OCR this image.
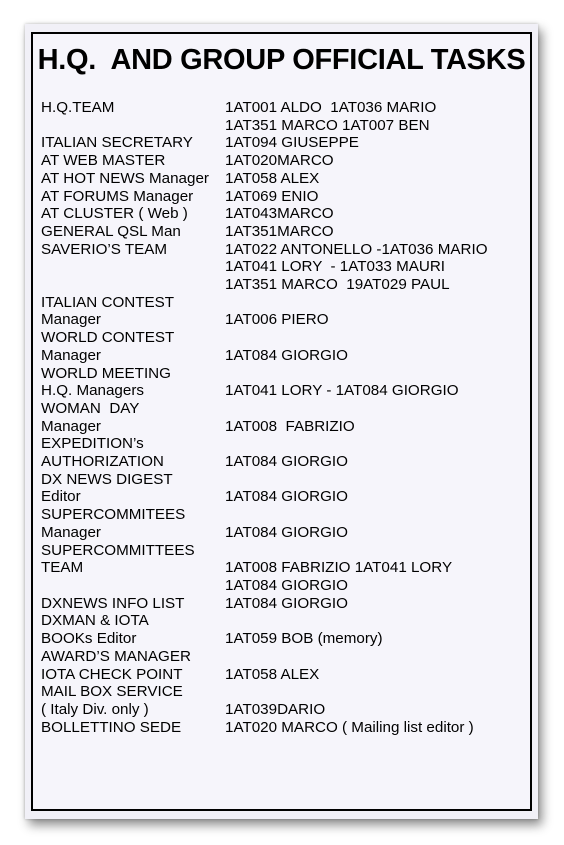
H.Q.  AND GROUP OFFICIAL TASKS
H.Q.TEAM	1AT001 ALDO  1AT036 MARIO
1AT351 MARCO 1AT007 BEN
ITALIAN SECRETARY	1AT094 GIUSEPPE
AT WEB MASTER	1AT020MARCO
AT HOT NEWS Manager	1AT058 ALEX
AT FORUMS Manager	1AT069 ENIO
AT CLUSTER ( Web )	1AT043MARCO
GENERAL QSL Man	1AT351MARCO
SAVERIO’S TEAM	1AT022 ANTONELLO -1AT036 MARIO
1AT041 LORY  - 1AT033 MAURI
1AT351 MARCO  19AT029 PAUL
ITALIAN CONTEST
Manager	1AT006 PIERO
WORLD CONTEST
Manager	1AT084 GIORGIO
WORLD MEETING
H.Q. Managers	1AT041 LORY - 1AT084 GIORGIO
WOMAN  DAY
Manager	1AT008  FABRIZIO
EXPEDITION’s
AUTHORIZATION	1AT084 GIORGIO
DX NEWS DIGEST
Editor	1AT084 GIORGIO
SUPERCOMMITEES
Manager	1AT084 GIORGIO
SUPERCOMMITTEES
TEAM	1AT008 FABRIZIO 1AT041 LORY
1AT084 GIORGIO
DXNEWS INFO LIST	1AT084 GIORGIO
DXMAN & IOTA
BOOKs Editor	1AT059 BOB (memory)
AWARD’S MANAGER
IOTA CHECK POINT	1AT058 ALEX
MAIL BOX SERVICE
( Italy Div. only )	1AT039DARIO
BOLLETTINO SEDE	1AT020 MARCO ( Mailing list editor )
